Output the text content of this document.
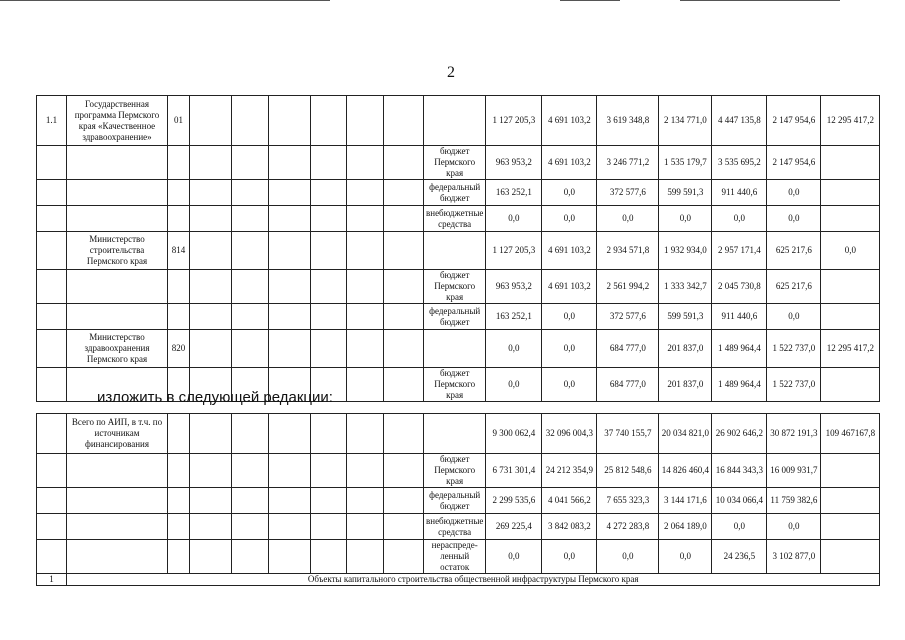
2
1.1	Государственная программа Пермского края «Качественное здравоохранение»	01								1 127 205,3	4 691 103,2	3 619 348,8	2 134 771,0	4 447 135,8	2 147 954,6	12 295 417,2
									бюджет Пермского края	963 953,2	4 691 103,2	3 246 771,2	1 535 179,7	3 535 695,2	2 147 954,6	
									федеральный бюджет	163 252,1	0,0	372 577,6	599 591,3	911 440,6	0,0	
									внебюджетные средства	0,0	0,0	0,0	0,0	0,0	0,0	
	Министерство строительства Пермского края	814								1 127 205,3	4 691 103,2	2 934 571,8	1 932 934,0	2 957 171,4	625 217,6	0,0
									бюджет Пермского края	963 953,2	4 691 103,2	2 561 994,2	1 333 342,7	2 045 730,8	625 217,6	
									федеральный бюджет	163 252,1	0,0	372 577,6	599 591,3	911 440,6	0,0	
	Министерство здравоохранения Пермского края	820								0,0	0,0	684 777,0	201 837,0	1 489 964,4	1 522 737,0	12 295 417,2
									бюджет Пермского края	0,0	0,0	684 777,0	201 837,0	1 489 964,4	1 522 737,0	
изложить в следующей редакции:
	Всего по АИП, в т.ч. по источникам финансирования									9 300 062,4	32 096 004,3	37 740 155,7	20 034 821,0	26 902 646,2	30 872 191,3	109 467167,8
									бюджет Пермского края	6 731 301,4	24 212 354,9	25 812 548,6	14 826 460,4	16 844 343,3	16 009 931,7	
									федеральный бюджет	2 299 535,6	4 041 566,2	7 655 323,3	3 144 171,6	10 034 066,4	11 759 382,6	
									внебюджетные средства	269 225,4	3 842 083,2	4 272 283,8	2 064 189,0	0,0	0,0	
									нераспреде-ленный остаток	0,0	0,0	0,0	0,0	24 236,5	3 102 877,0	
1	Объекты капитального строительства общественной инфраструктуры Пермского края															
